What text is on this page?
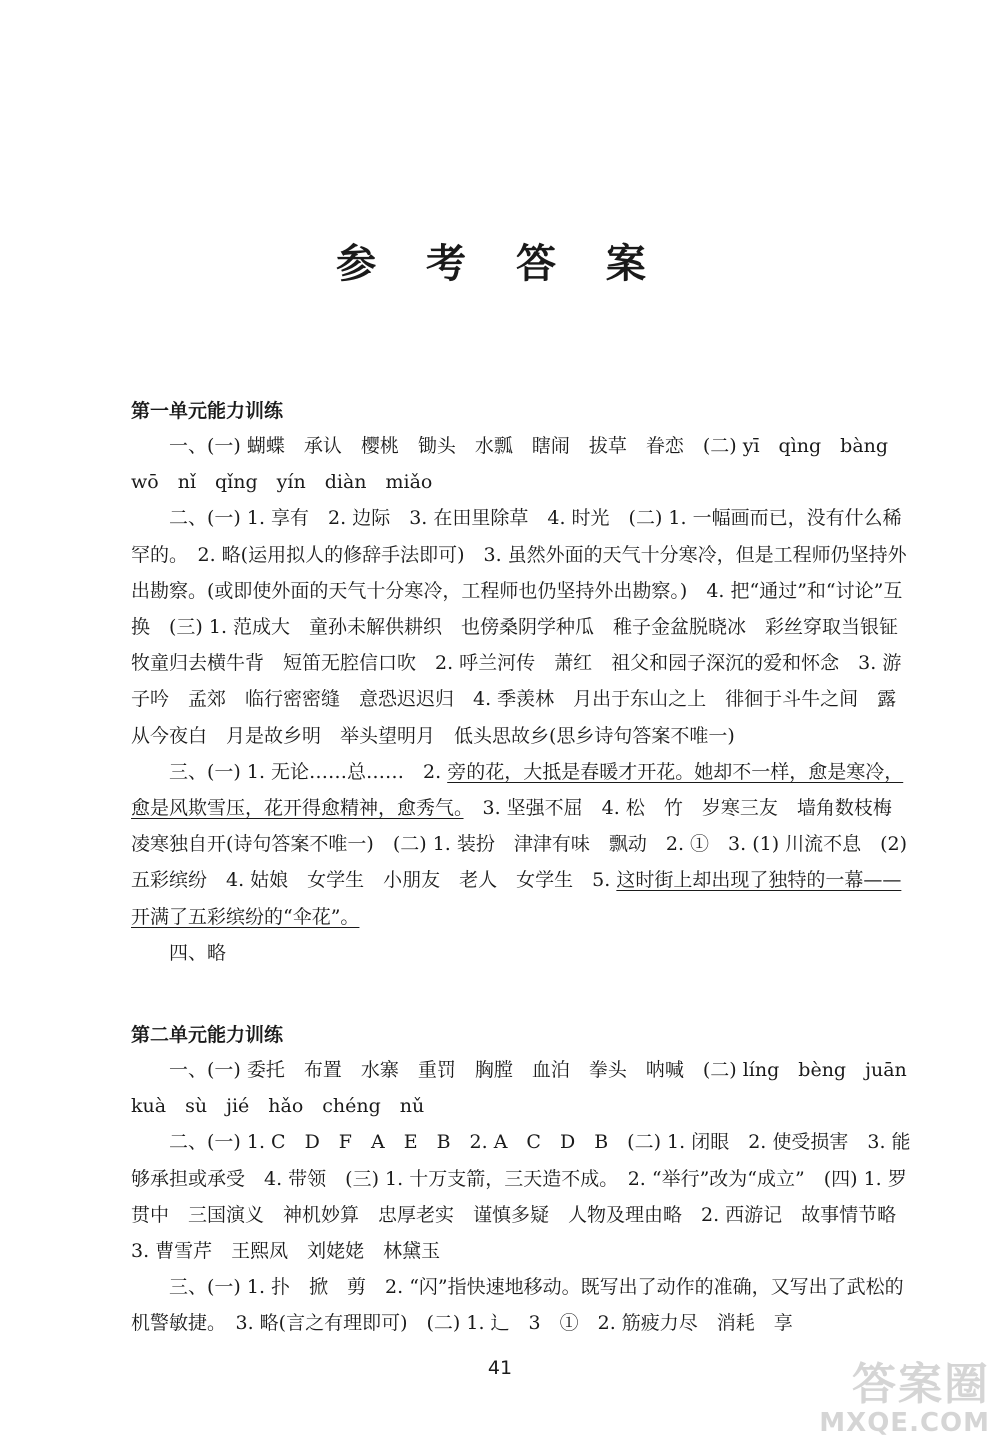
参 考 答 案
第一单元能力训练

一、(一) 蝴蝶　承认　樱桃　锄头　水瓢　瞎闹　拔草　眷恋　(二) yī　qìng　bàng　wō　nǐ　qǐng　yín　diàn　miǎo

二、(一) 1. 享有　2. 边际　3. 在田里除草　4. 时光　(二) 1. 一幅画而已，没有什么稀罕的。　2. 略(运用拟人的修辞手法即可)　3. 虽然外面的天气十分寒冷，但是工程师仍坚持外出勘察。(或即使外面的天气十分寒冷，工程师也仍坚持外出勘察。)　4. 把“通过”和“讨论”互换　(三) 1. 范成大　童孙未解供耕织　也傍桑阴学种瓜　稚子金盆脱晓冰　彩丝穿取当银钲　牧童归去横牛背　短笛无腔信口吹　2. 呼兰河传　萧红　祖父和园子深沉的爱和怀念　3. 游子吟　孟郊　临行密密缝　意恐迟迟归　4. 季羡林　月出于东山之上　徘徊于斗牛之间　露从今夜白　月是故乡明　举头望明月　低头思故乡(思乡诗句答案不唯一)

三、(一) 1. 无论……总……　2. 旁的花，大抵是春暖才开花。她却不一样，愈是寒冷，愈是风欺雪压，花开得愈精神，愈秀气。　3. 坚强不屈　4. 松　竹　岁寒三友　墙角数枝梅　凌寒独自开(诗句答案不唯一)　(二) 1. 装扮　津津有味　飘动　2. ①　3. (1) 川流不息　(2) 五彩缤纷　4. 姑娘　女学生　小朋友　老人　女学生　5. 这时街上却出现了独特的一幕——开满了五彩缤纷的“伞花”。

四、略

第二单元能力训练

一、(一) 委托　布置　水寨　重罚　胸膛　血泊　拳头　呐喊　(二) líng　bèng　juān　kuà　sù　jié　hǎo　chéng　nǔ

二、(一) 1. C　D　F　A　E　B　2. A　C　D　B　(二) 1. 闭眼　2. 使受损害　3. 能够承担或承受　4. 带领　(三) 1. 十万支箭，三天造不成。　2. “举行”改为“成立”　(四) 1. 罗贯中　三国演义　神机妙算　忠厚老实　谨慎多疑　人物及理由略　2. 西游记　故事情节略　3. 曹雪芹　王熙凤　刘姥姥　林黛玉

三、(一) 1. 扑　掀　剪　2. “闪”指快速地移动。既写出了动作的准确，又写出了武松的机警敏捷。　3. 略(言之有理即可)　(二) 1. 辶　3　①　2. 筋疲力尽　消耗　享

41	答案圈
MXQE.COM
